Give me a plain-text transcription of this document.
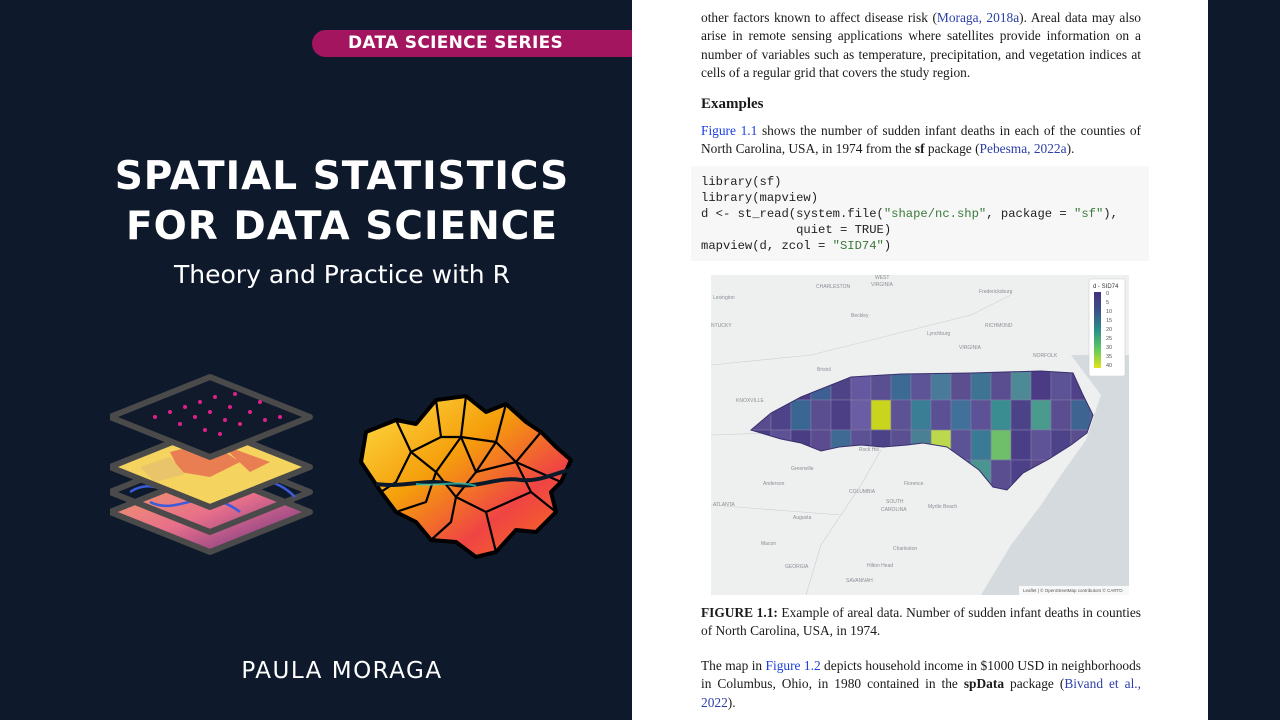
DATA SCIENCE SERIES
SPATIAL STATISTICS
FOR DATA SCIENCE
Theory and Practice with R
PAULA MORAGA

other factors known to affect disease risk (Moraga, 2018a). Areal data may also arise in remote sensing applications where satellites provide information on a number of variables such as temperature, precipitation, and vegetation indices at cells of a regular grid that covers the study region.

Examples

Figure 1.1 shows the number of sudden infant deaths in each of the counties of North Carolina, USA, in 1974 from the sf package (Pebesma, 2022a).

library(sf)
library(mapview)
d <- st_read(system.file("shape/nc.shp", package = "sf"),
quiet = TRUE)
mapview(d, zcol = "SID74")
WEST
VIRGINIA
CHARLESTON
Fredericksburg
Beckley
Lexington
NTUCKY
Lynchburg
RICHMOND
VIRGINIA
NORFOLK
KNOXVILLE
Bristol
Greenville
Rock Hill
Anderson
COLUMBIA
SOUTH
CAROLINA
Florence
Myrtle Beach
ATLANTA
Augusta
Macon
Charleston
GEORGIA
SAVANNAH
Hilton Head
d - SID74
0
5
10
15
20
25
30
35
40
Leaflet | © OpenStreetMap contributors © CARTO

FIGURE 1.1: Example of areal data. Number of sudden infant deaths in counties of North Carolina, USA, in 1974.

The map in Figure 1.2 depicts household income in $1000 USD in neighborhoods in Columbus, Ohio, in 1980 contained in the spData package (Bivand et al., 2022).
